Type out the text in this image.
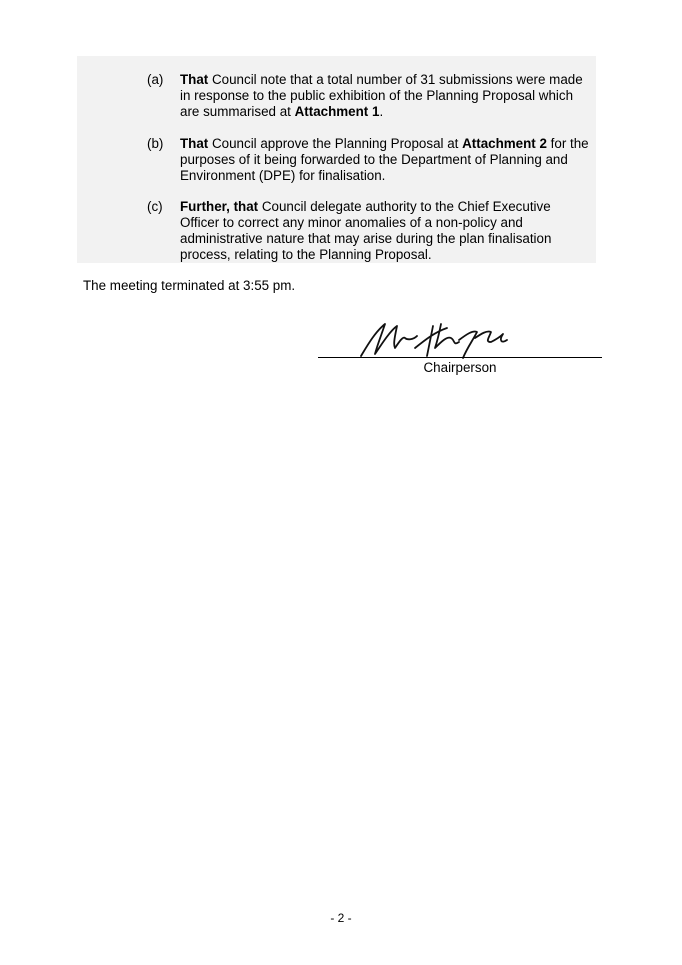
(a)	That Council note that a total number of 31 submissions were made in response to the public exhibition of the Planning Proposal which are summarised at Attachment 1.
(b)	That Council approve the Planning Proposal at Attachment 2 for the purposes of it being forwarded to the Department of Planning and Environment (DPE) for finalisation.
(c)	Further, that Council delegate authority to the Chief Executive Officer to correct any minor anomalies of a non-policy and administrative nature that may arise during the plan finalisation process, relating to the Planning Proposal.
The meeting terminated at 3:55 pm.
Chairperson
- 2 -
